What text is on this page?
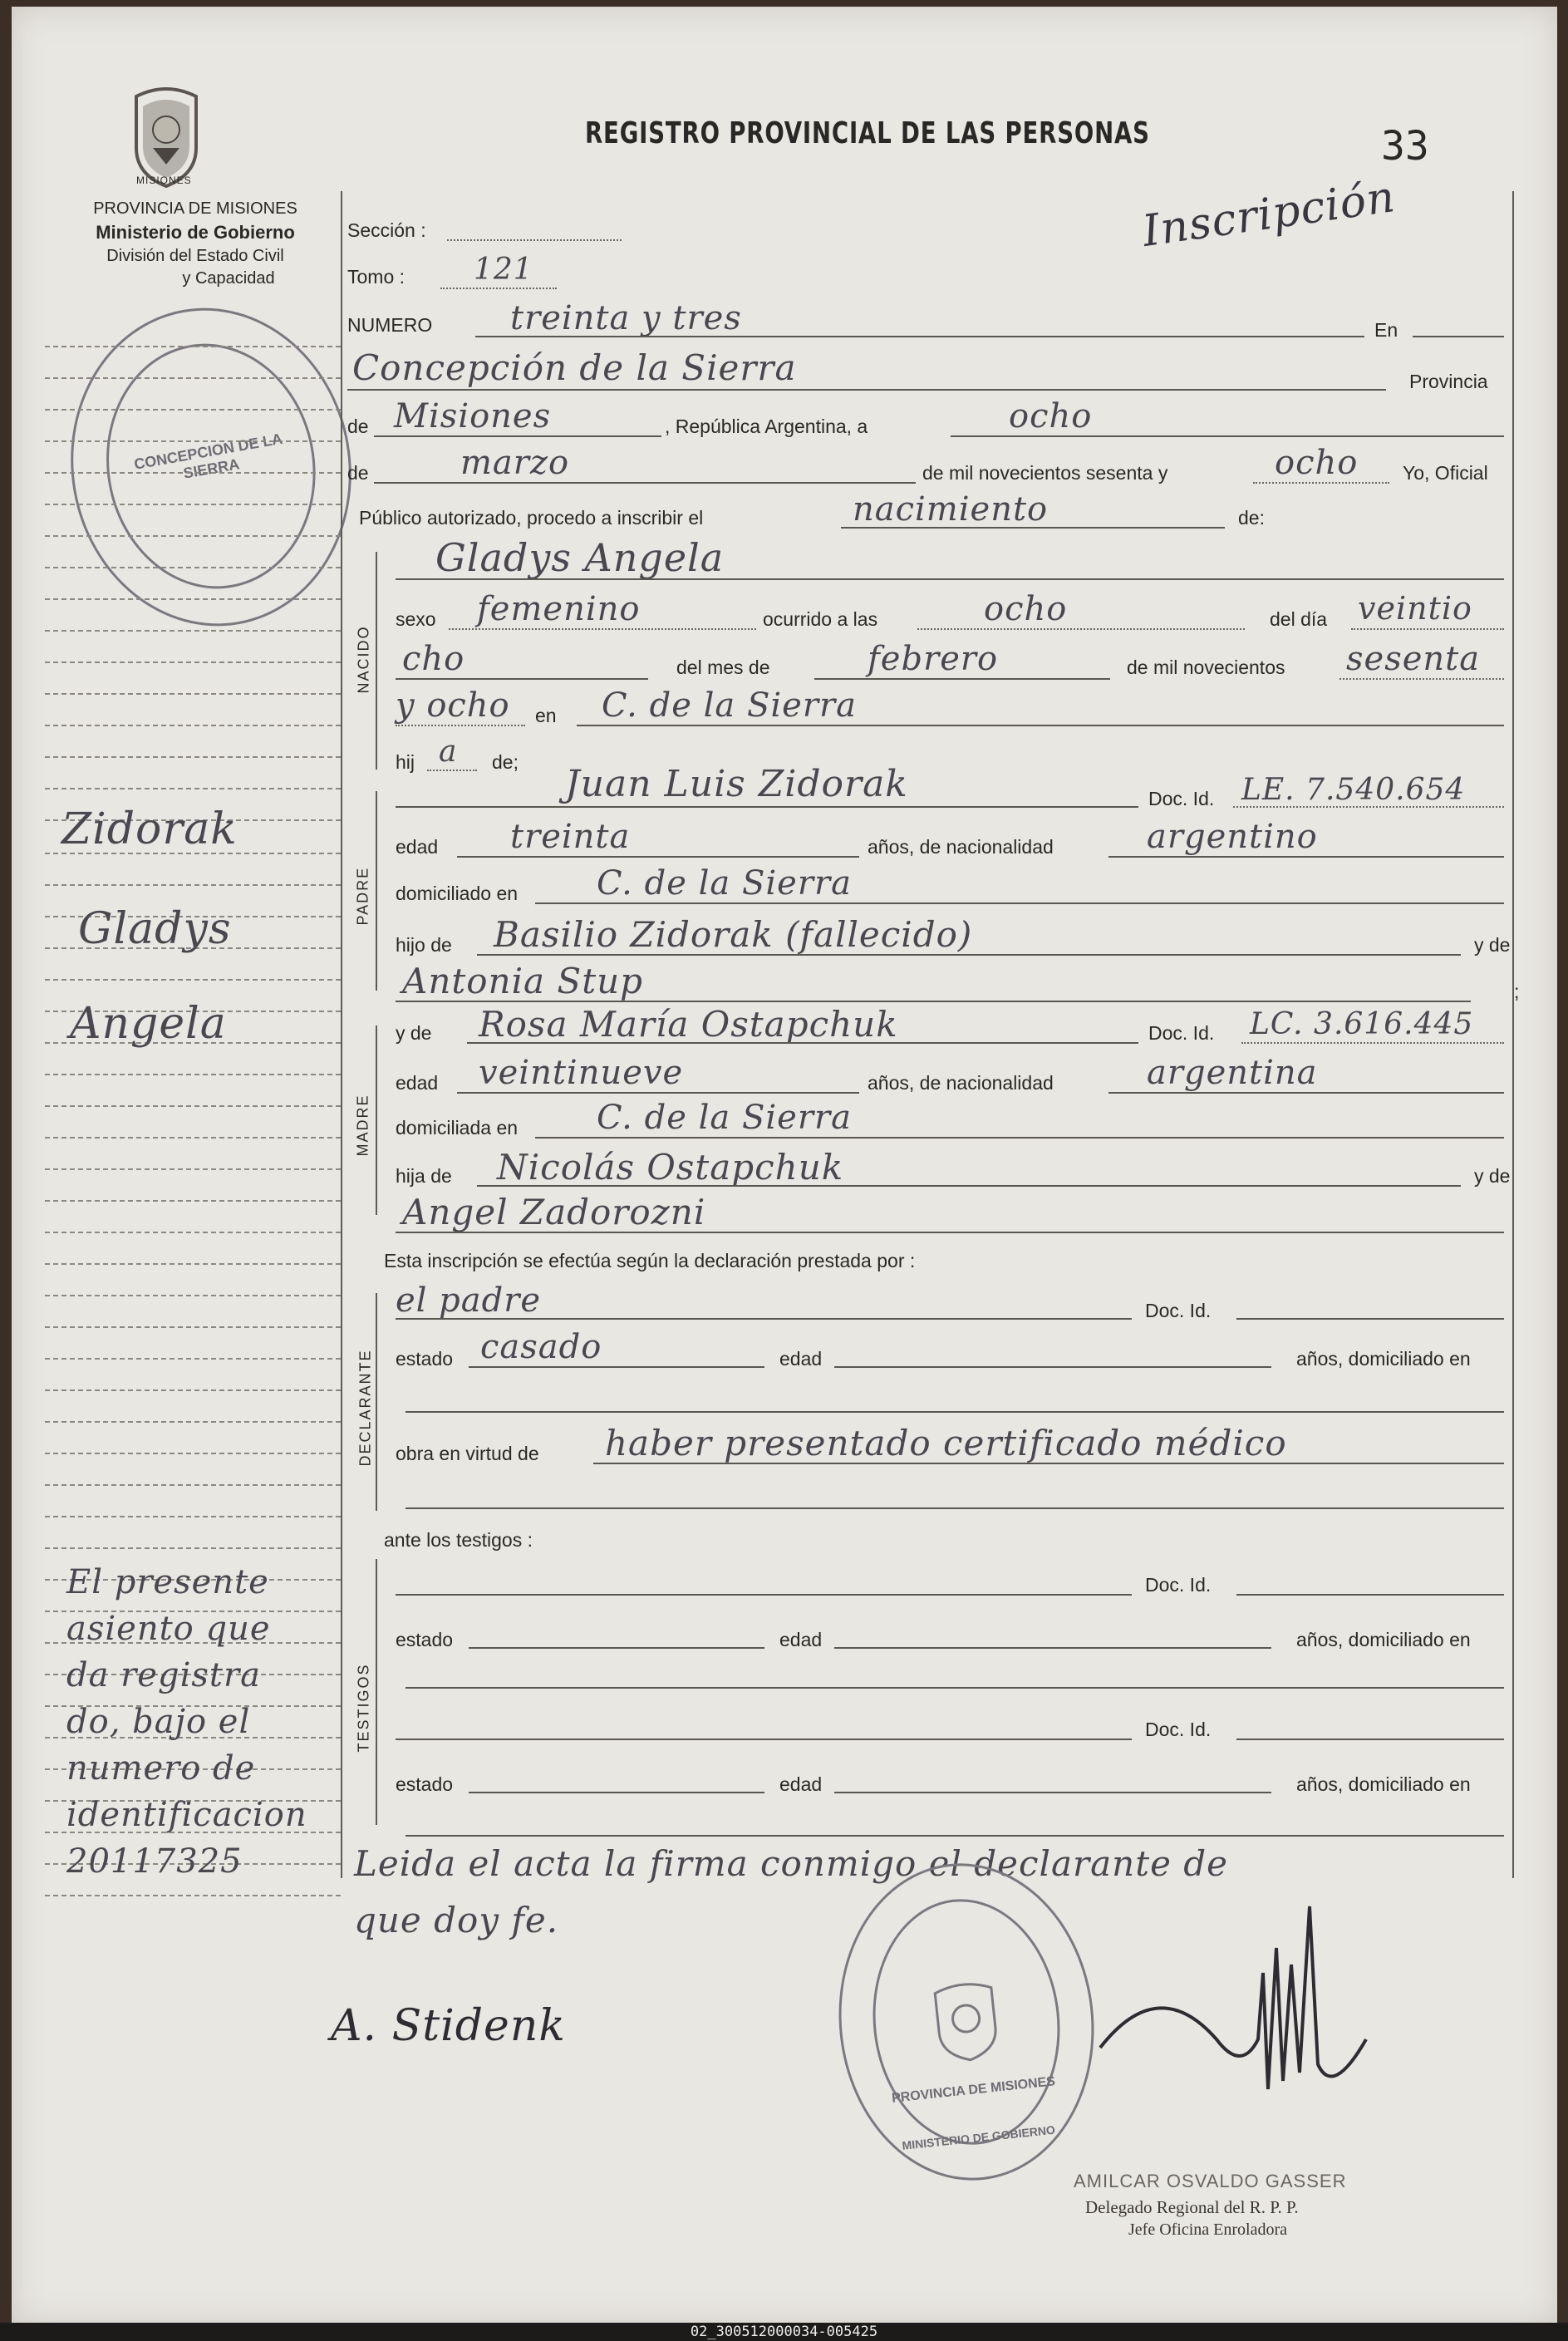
MISIONES
PROVINCIA DE MISIONES
Ministerio de Gobierno
División del Estado Civil
y Capacidad
REGISTRO PROVINCIAL DE LAS PERSONAS	33
Inscripción
CONCEPCION DE LA SIERRA
NACIDO
PADRE
MADRE
DECLARANTE
TESTIGOS
Zidorak
Gladys
Angela
El presente
asiento que
da registra
do, bajo el
numero de
identificacion
20117325
Sección :
Tomo : 121
NUMERO treinta y tres	En
Concepción de la Sierra	Provincia
de Misiones	, República Argentina, a	ocho
de	marzo	de mil novecientos sesenta y	ocho Yo, Oficial
Público autorizado, procedo a inscribir el	nacimiento	de:
Gladys Angela
sexo femenino	ocurrido a las	ocho	del día veintio
cho	del mes de	febrero	de mil novecientos sesenta
y ocho en C. de la Sierra
hij a de;
Juan Luis Zidorak	Doc. Id. LE. 7.540.654
edad treinta	años, de nacionalidad	argentino
domiciliado en C. de la Sierra
hijo de Basilio Zidorak (fallecido)	y de
Antonia Stup	;
y de Rosa María Ostapchuk	Doc. Id. LC. 3.616.445
edad veintinueve	años, de nacionalidad	argentina
domiciliada en C. de la Sierra
hija de Nicolás Ostapchuk	y de
Angel Zadorozni
Esta inscripción se efectúa según la declaración prestada por :
el padre	Doc. Id.
estado casado	edad	años, domiciliado en
obra en virtud de haber presentado certificado médico
ante los testigos :
Doc. Id.
estado	edad	años, domiciliado en
Doc. Id.
estado	edad	años, domiciliado en
Leida el acta la firma conmigo el declarante de
que doy fe.
PROVINCIA DE MISIONES
MINISTERIO DE GOBIERNO
A. Stidenk
AMILCAR OSVALDO GASSER
Delegado Regional del R. P. P.
Jefe Oficina Enroladora
02_300512000034-005425
